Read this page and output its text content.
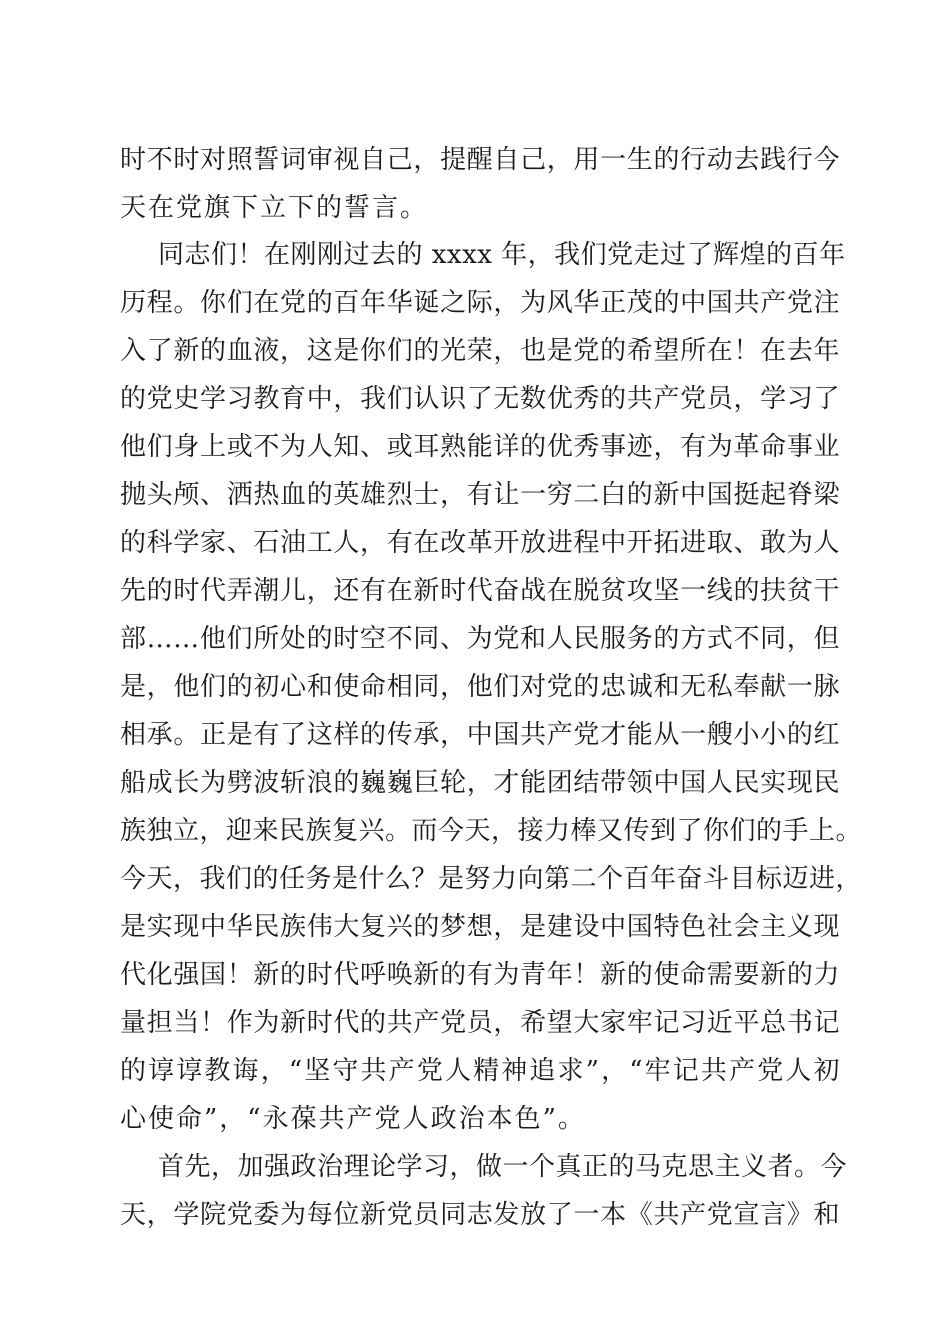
时不时对照誓词审视自己，提醒自己，用一生的行动去践行今
天在党旗下立下的誓言。
同志们！在刚刚过去的 xxxx 年，我们党走过了辉煌的百年
历程。你们在党的百年华诞之际，为风华正茂的中国共产党注
入了新的血液，这是你们的光荣，也是党的希望所在！在去年
的党史学习教育中，我们认识了无数优秀的共产党员，学习了
他们身上或不为人知、或耳熟能详的优秀事迹，有为革命事业
抛头颅、洒热血的英雄烈士，有让一穷二白的新中国挺起脊梁
的科学家、石油工人，有在改革开放进程中开拓进取、敢为人
先的时代弄潮儿，还有在新时代奋战在脱贫攻坚一线的扶贫干
部……他们所处的时空不同、为党和人民服务的方式不同，但
是，他们的初心和使命相同，他们对党的忠诚和无私奉献一脉
相承。正是有了这样的传承，中国共产党才能从一艘小小的红
船成长为劈波斩浪的巍巍巨轮，才能团结带领中国人民实现民
族独立，迎来民族复兴。而今天，接力棒又传到了你们的手上。
今天，我们的任务是什么？是努力向第二个百年奋斗目标迈进，
是实现中华民族伟大复兴的梦想，是建设中国特色社会主义现
代化强国！新的时代呼唤新的有为青年！新的使命需要新的力
量担当！作为新时代的共产党员，希望大家牢记习近平总书记
的谆谆教诲，“坚守共产党人精神追求”，“牢记共产党人初
心使命”，“永葆共产党人政治本色”。
首先，加强政治理论学习，做一个真正的马克思主义者。今
天，学院党委为每位新党员同志发放了一本《共产党宣言》和
